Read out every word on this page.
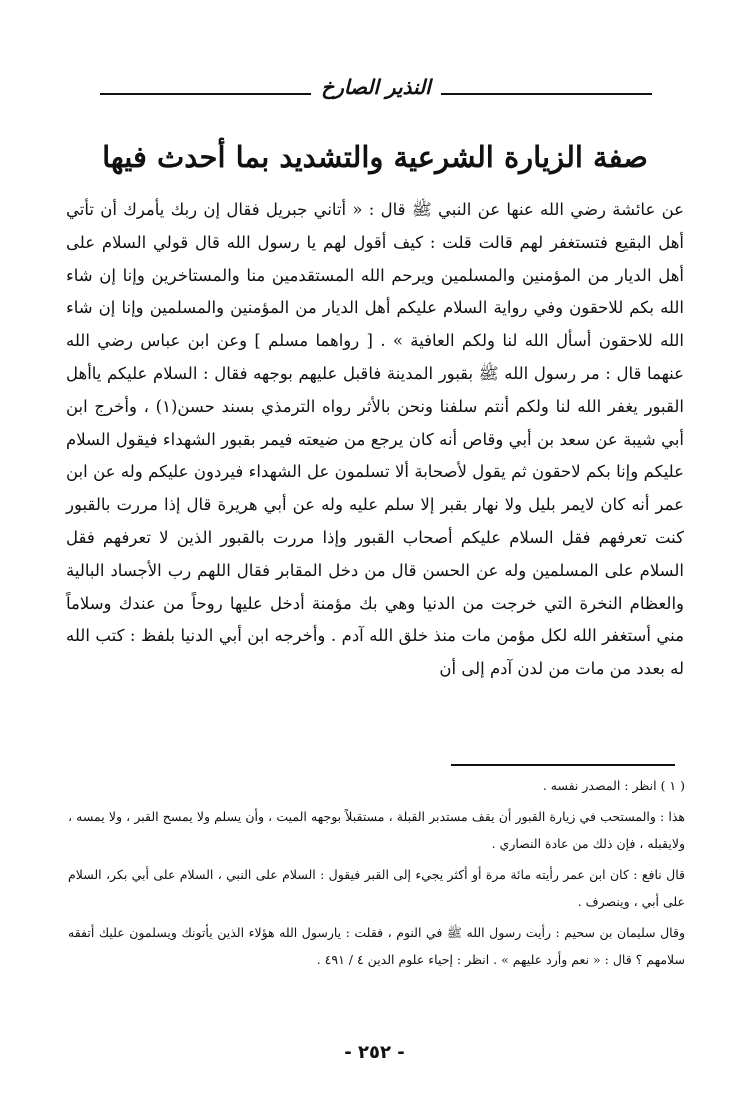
النذير الصارخ
صفة الزيارة الشرعية والتشديد بما أحدث فيها

عن عائشة رضي الله عنها عن النبي ﷺ قال : « أتاني جبريل فقال إن ربك يأمرك أن تأتي أهل البقيع فتستغفر لهم قالت قلت : كيف أقول لهم يا رسول الله قال قولي السلام على أهل الديار من المؤمنين والمسلمين ويرحم الله المستقدمين منا والمستاخرين وإنا إن شاء الله بكم للاحقون وفي رواية السلام عليكم أهل الديار من المؤمنين والمسلمين وإنا إن شاء الله للاحقون أسأل الله لنا ولكم العافية » . [ رواهما مسلم ] وعن ابن عباس رضي الله عنهما قال : مر رسول الله ﷺ بقبور المدينة فاقبل عليهم بوجهه فقال : السلام عليكم ياأهل القبور يغفر الله لنا ولكم أنتم سلفنا ونحن بالأثر رواه الترمذي بسند حسن(١) ، وأخرج ابن أبي شيبة عن سعد بن أبي وقاص أنه كان يرجع من ضيعته فيمر بقبور الشهداء فيقول السلام عليكم وإنا بكم لاحقون ثم يقول لأصحابة ألا تسلمون عل الشهداء فيردون عليكم وله عن ابن عمر أنه كان لايمر بليل ولا نهار بقبر إلا سلم عليه وله عن أبي هريرة قال إذا مررت بالقبور كنت تعرفهم فقل السلام عليكم أصحاب القبور وإذا مررت بالقبور الذين لا تعرفهم فقل السلام على المسلمين وله عن الحسن قال من دخل المقابر فقال اللهم رب الأجساد البالية والعظام النخرة التي خرجت من الدنيا وهي بك مؤمنة أدخل عليها روحاً من عندك وسلاماً مني أستغفر الله لكل مؤمن مات منذ خلق الله آدم . وأخرجه ابن أبي الدنيا بلفظ : كتب الله له بعدد من مات من لدن آدم إلى أن

( ١ ) انظر : المصدر نفسه .

هذا : والمستحب في زيارة القبور أن يقف مستدبر القبلة ، مستقبلاً بوجهه الميت ، وأن يسلم ولا يمسح القبر ، ولا يمسه ، ولايقبله ، فإن ذلك من عادة النصاري .

قال نافع : كان ابن عمر رأيته مائة مرة أو أكثر يجيء إلى القبر فيقول : السلام على النبي ، السلام على أبي بكر، السلام على أبي ، وينصرف .

وقال سليمان بن سحيم : رأيت رسول الله ﷺ في النوم ، فقلت : يارسول الله هؤلاء الذين يأتونك ويسلمون عليك أتفقه سلامهم ؟ قال : « نعم وأرد عليهم » . انظر : إحياء علوم الدين ٤ / ٤٩١ .

- ٢٥٢ -
